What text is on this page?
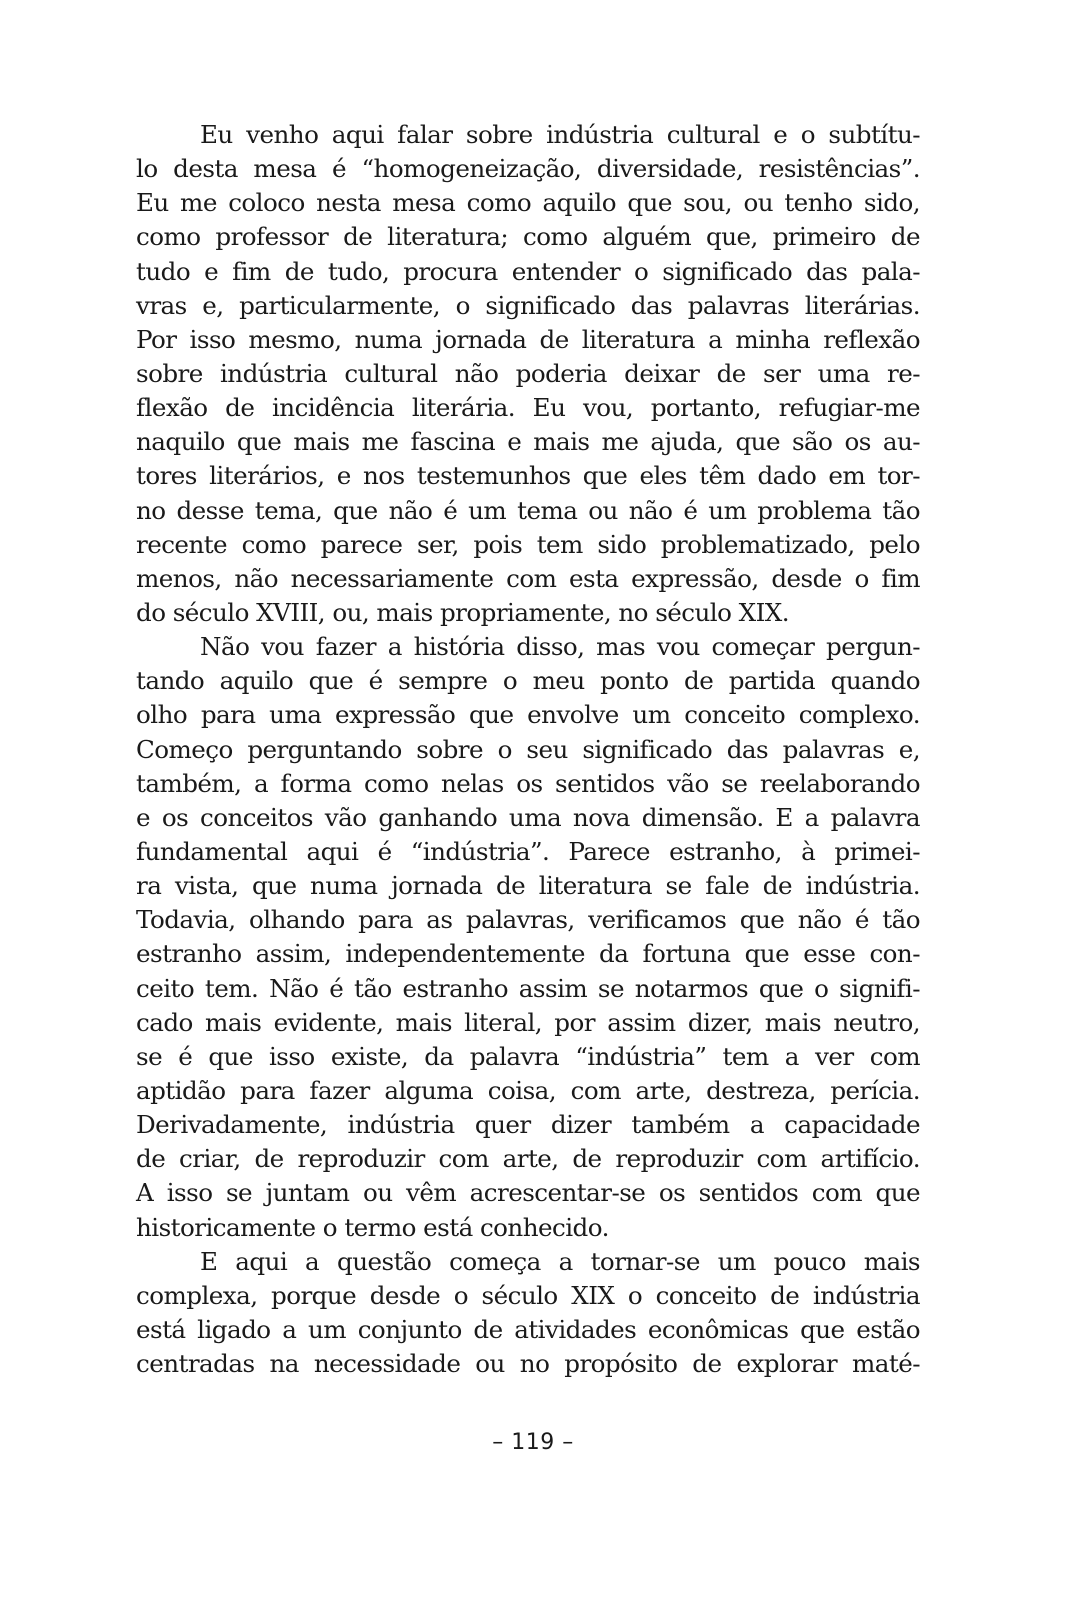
Eu venho aqui falar sobre indústria cultural e o subtítu-
lo desta mesa é “homogeneização, diversidade, resistências”.
Eu me coloco nesta mesa como aquilo que sou, ou tenho sido,
como professor de literatura; como alguém que, primeiro de
tudo e fim de tudo, procura entender o significado das pala-
vras e, particularmente, o significado das palavras literárias.
Por isso mesmo, numa jornada de literatura a minha reflexão
sobre indústria cultural não poderia deixar de ser uma re-
flexão de incidência literária. Eu vou, portanto, refugiar-me
naquilo que mais me fascina e mais me ajuda, que são os au-
tores literários, e nos testemunhos que eles têm dado em tor-
no desse tema, que não é um tema ou não é um problema tão
recente como parece ser, pois tem sido problematizado, pelo
menos, não necessariamente com esta expressão, desde o fim
do século XVIII, ou, mais propriamente, no século XIX.

Não vou fazer a história disso, mas vou começar pergun-
tando aquilo que é sempre o meu ponto de partida quando
olho para uma expressão que envolve um conceito complexo.
Começo perguntando sobre o seu significado das palavras e,
também, a forma como nelas os sentidos vão se reelaborando
e os conceitos vão ganhando uma nova dimensão. E a palavra
fundamental aqui é “indústria”. Parece estranho, à primei-
ra vista, que numa jornada de literatura se fale de indústria.
Todavia, olhando para as palavras, verificamos que não é tão
estranho assim, independentemente da fortuna que esse con-
ceito tem. Não é tão estranho assim se notarmos que o signifi-
cado mais evidente, mais literal, por assim dizer, mais neutro,
se é que isso existe, da palavra “indústria” tem a ver com
aptidão para fazer alguma coisa, com arte, destreza, perícia.
Derivadamente, indústria quer dizer também a capacidade
de criar, de reproduzir com arte, de reproduzir com artifício.
A isso se juntam ou vêm acrescentar-se os sentidos com que
historicamente o termo está conhecido.

E aqui a questão começa a tornar-se um pouco mais
complexa, porque desde o século XIX o conceito de indústria
está ligado a um conjunto de atividades econômicas que estão
centradas na necessidade ou no propósito de explorar maté-

– 119 –
